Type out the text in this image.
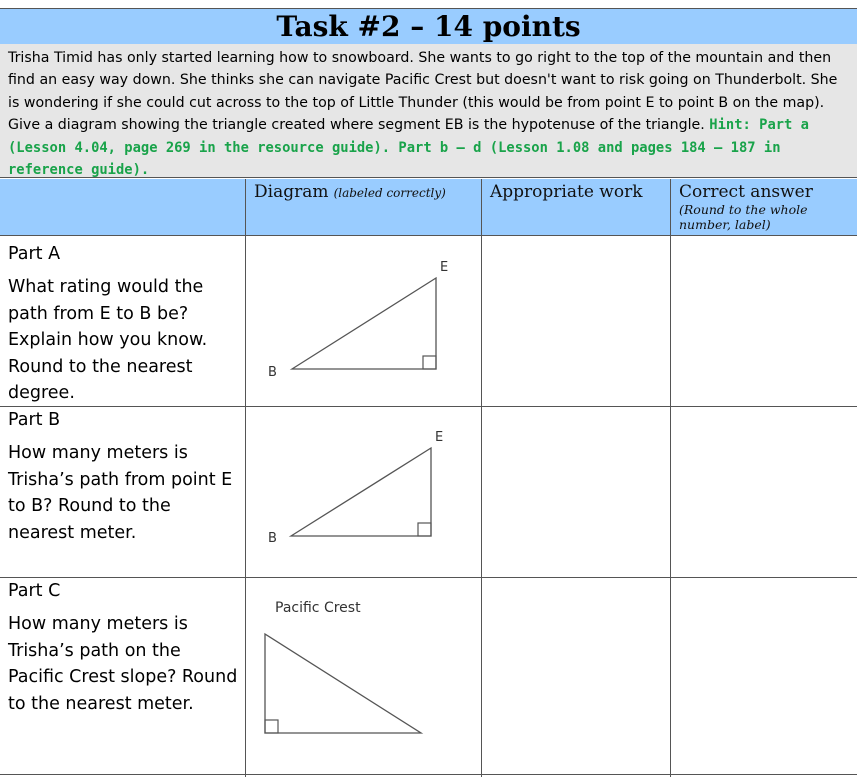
Task #2 – 14 points
Trisha Timid has only started learning how to snowboard. She wants to go right to the top of the mountain and then find an easy way down. She thinks she can navigate Pacific Crest but doesn't want to risk going on Thunderbolt. She is wondering if she could cut across to the top of Little Thunder (this would be from point E to point B on the map). Give a diagram showing the triangle created where segment EB is the hypotenuse of the triangle. Hint: Part a (Lesson 4.04, page 269 in the resource guide). Part b – d (Lesson 1.08 and pages 184 – 187 in reference guide).
Diagram (labeled correctly)	Appropriate work	Correct answer
(Round to the whole number, label)
Part A
What rating would the path from E to B be? Explain how you know. Round to the nearest degree.
E
B
Part B
How many meters is Trisha’s path from point E to B? Round to the nearest meter.
E
B
Part C
How many meters is Trisha’s path on the Pacific Crest slope? Round to the nearest meter.
Pacific Crest
